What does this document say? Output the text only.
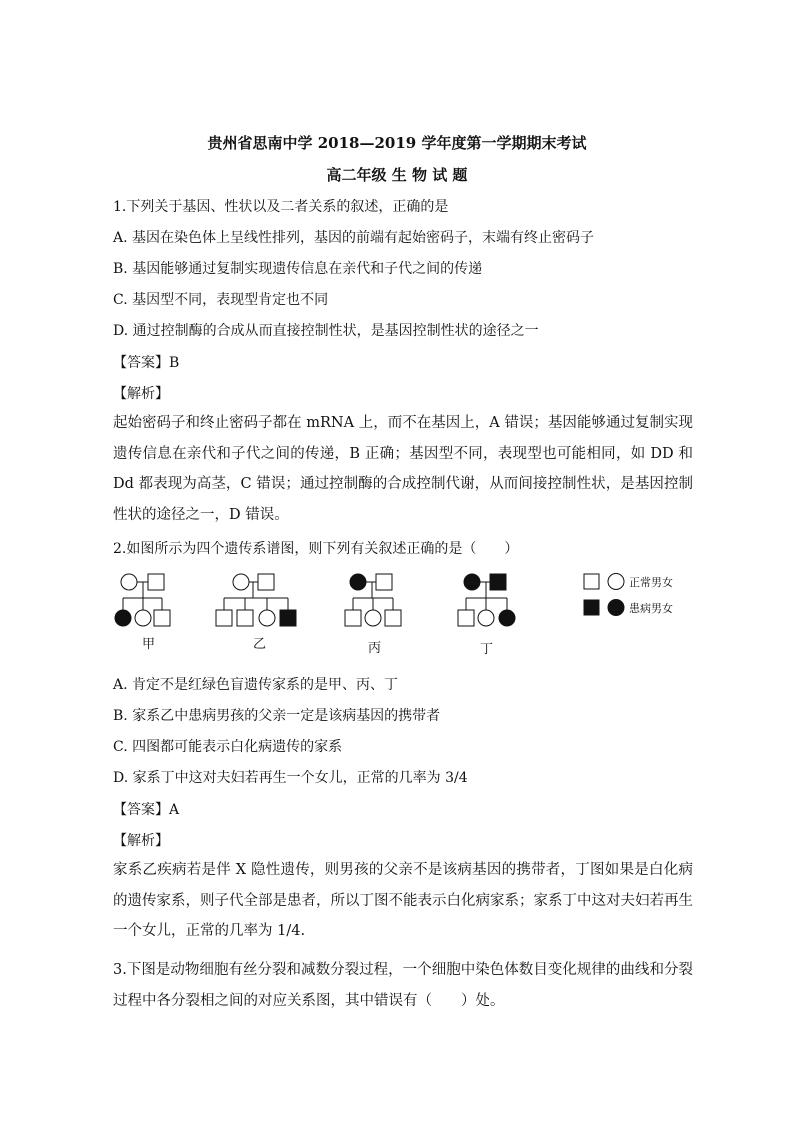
贵州省思南中学 2018—2019 学年度第一学期期末考试
高二年级 生 物 试 题
1.下列关于基因、性状以及二者关系的叙述，正确的是
A. 基因在染色体上呈线性排列，基因的前端有起始密码子，末端有终止密码子
B. 基因能够通过复制实现遗传信息在亲代和子代之间的传递
C. 基因型不同，表现型肯定也不同
D. 通过控制酶的合成从而直接控制性状，是基因控制性状的途径之一
【答案】B
【解析】
起始密码子和终止密码子都在 mRNA 上，而不在基因上，A 错误；基因能够通过复制实现遗传信息在亲代和子代之间的传递，B 正确；基因型不同，表现型也可能相同，如 DD 和 Dd 都表现为高茎，C 错误；通过控制酶的合成控制代谢，从而间接控制性状，是基因控制性状的途径之一，D 错误。
2.如图所示为四个遗传系谱图，则下列有关叙述正确的是（　　）
甲	乙	丙	丁
正常男女
患病男女
A. 肯定不是红绿色盲遗传家系的是甲、丙、丁
B. 家系乙中患病男孩的父亲一定是该病基因的携带者
C. 四图都可能表示白化病遗传的家系
D. 家系丁中这对夫妇若再生一个女儿，正常的几率为 3/4
【答案】A
【解析】
家系乙疾病若是伴 X 隐性遗传，则男孩的父亲不是该病基因的携带者，丁图如果是白化病的遗传家系，则子代全部是患者，所以丁图不能表示白化病家系；家系丁中这对夫妇若再生一个女儿，正常的几率为 1/4.
3.下图是动物细胞有丝分裂和减数分裂过程，一个细胞中染色体数目变化规律的曲线和分裂过程中各分裂相之间的对应关系图，其中错误有（　　）处。
